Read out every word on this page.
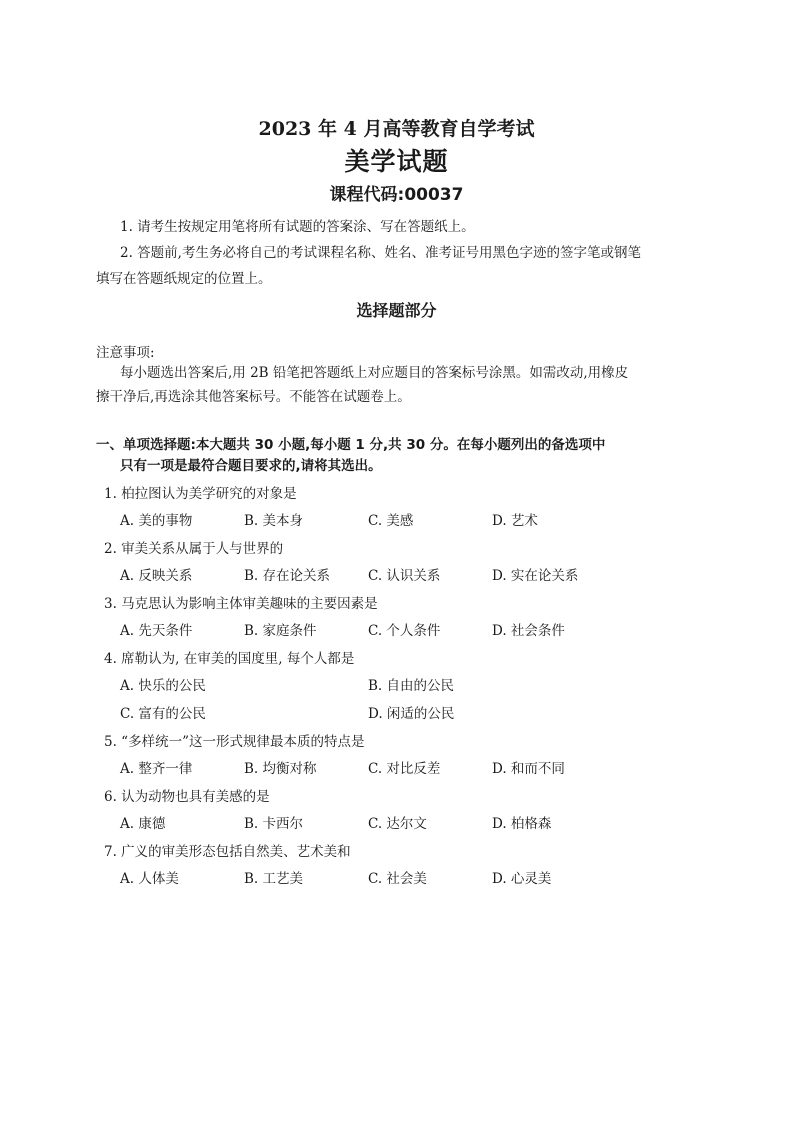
2023 年 4 月高等教育自学考试
美学试题
课程代码:00037
1. 请考生按规定用笔将所有试题的答案涂、写在答题纸上。
2. 答题前,考生务必将自己的考试课程名称、姓名、准考证号用黑色字迹的签字笔或钢笔
填写在答题纸规定的位置上。
选择题部分
注意事项:
每小题选出答案后,用 2B 铅笔把答题纸上对应题目的答案标号涂黑。如需改动,用橡皮
擦干净后,再选涂其他答案标号。不能答在试题卷上。
一、单项选择题:本大题共 30 小题,每小题 1 分,共 30 分。在每小题列出的备选项中
只有一项是最符合题目要求的,请将其选出。
1. 柏拉图认为美学研究的对象是
A. 美的事物	B. 美本身	C. 美感	D. 艺术
2. 审美关系从属于人与世界的
A. 反映关系	B. 存在论关系	C. 认识关系	D. 实在论关系
3. 马克思认为影响主体审美趣味的主要因素是
A. 先天条件	B. 家庭条件	C. 个人条件	D. 社会条件
4. 席勒认为, 在审美的国度里, 每个人都是
A. 快乐的公民	B. 自由的公民
C. 富有的公民	D. 闲适的公民
5. “多样统一”这一形式规律最本质的特点是
A. 整齐一律	B. 均衡对称	C. 对比反差	D. 和而不同
6. 认为动物也具有美感的是
A. 康德	B. 卡西尔	C. 达尔文	D. 柏格森
7. 广义的审美形态包括自然美、艺术美和
A. 人体美	B. 工艺美	C. 社会美	D. 心灵美
